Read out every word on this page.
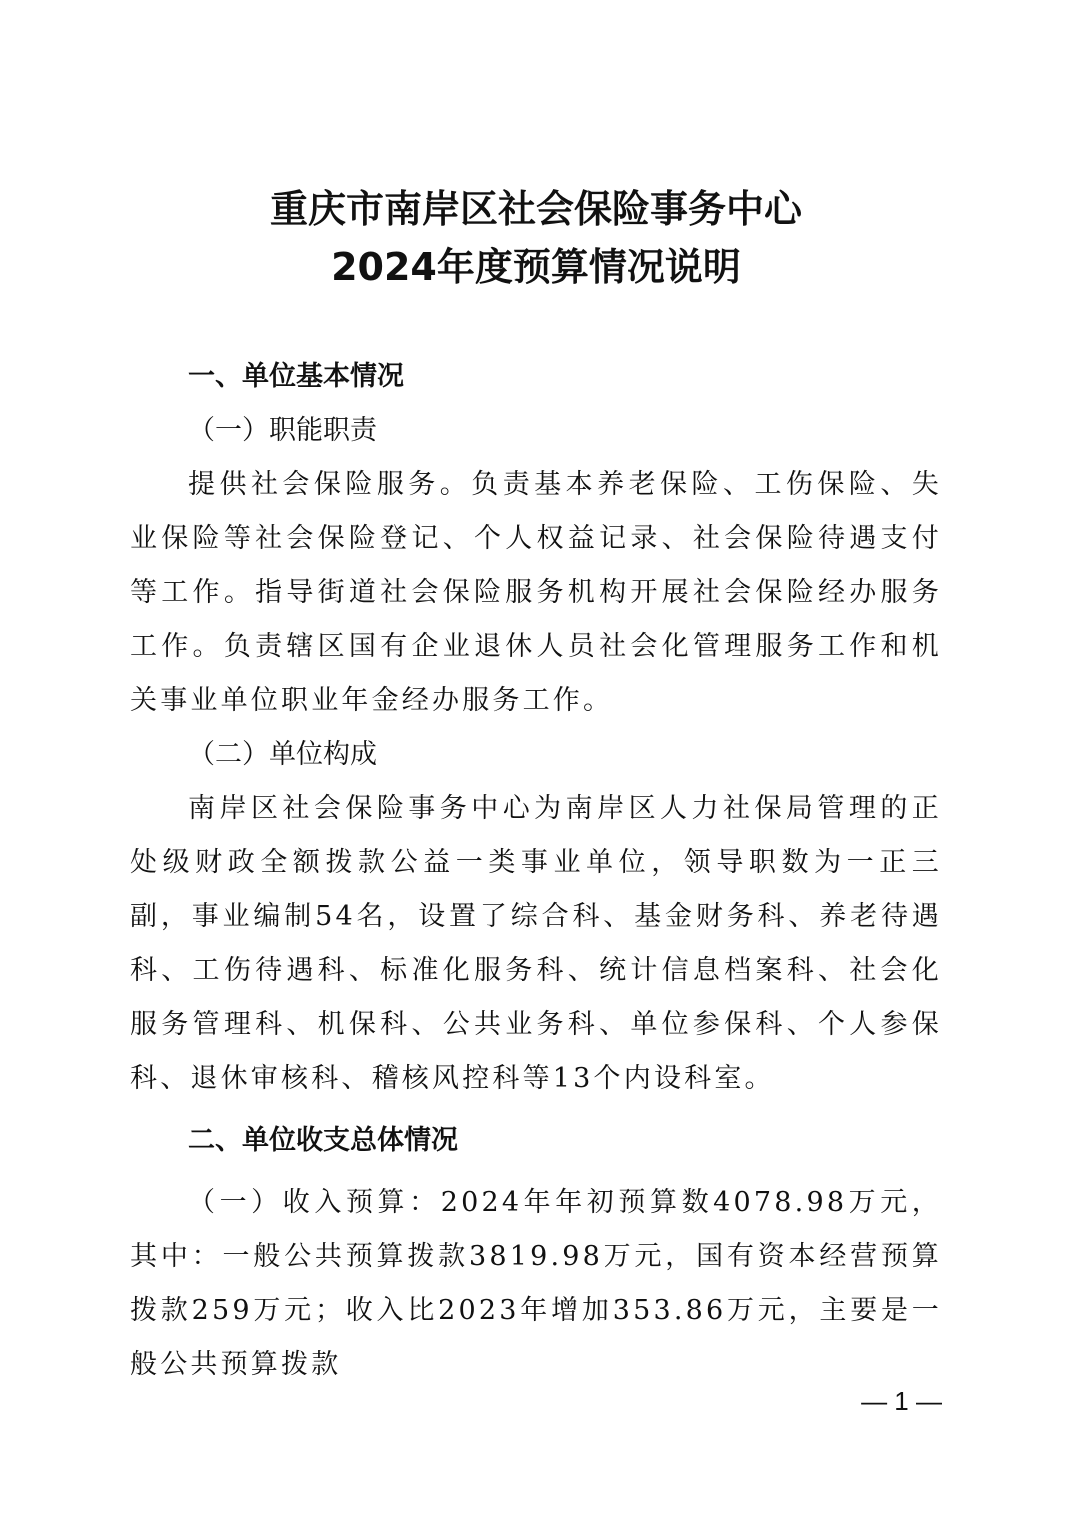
重庆市南岸区社会保险事务中心
2024年度预算情况说明

一、单位基本情况

（一）职能职责

提供社会保险服务。负责基本养老保险、工伤保险、失业保险等社会保险登记、个人权益记录、社会保险待遇支付等工作。指导街道社会保险服务机构开展社会保险经办服务工作。负责辖区国有企业退休人员社会化管理服务工作和机关事业单位职业年金经办服务工作。

（二）单位构成

南岸区社会保险事务中心为南岸区人力社保局管理的正处级财政全额拨款公益一类事业单位，领导职数为一正三副，事业编制54名，设置了综合科、基金财务科、养老待遇科、工伤待遇科、标准化服务科、统计信息档案科、社会化服务管理科、机保科、公共业务科、单位参保科、个人参保科、退休审核科、稽核风控科等13个内设科室。

二、单位收支总体情况

（一）收入预算：2024年年初预算数4078.98万元，其中：一般公共预算拨款3819.98万元，国有资本经营预算拨款259万元；收入比2023年增加353.86万元，主要是一般公共预算拨款

— 1 —
